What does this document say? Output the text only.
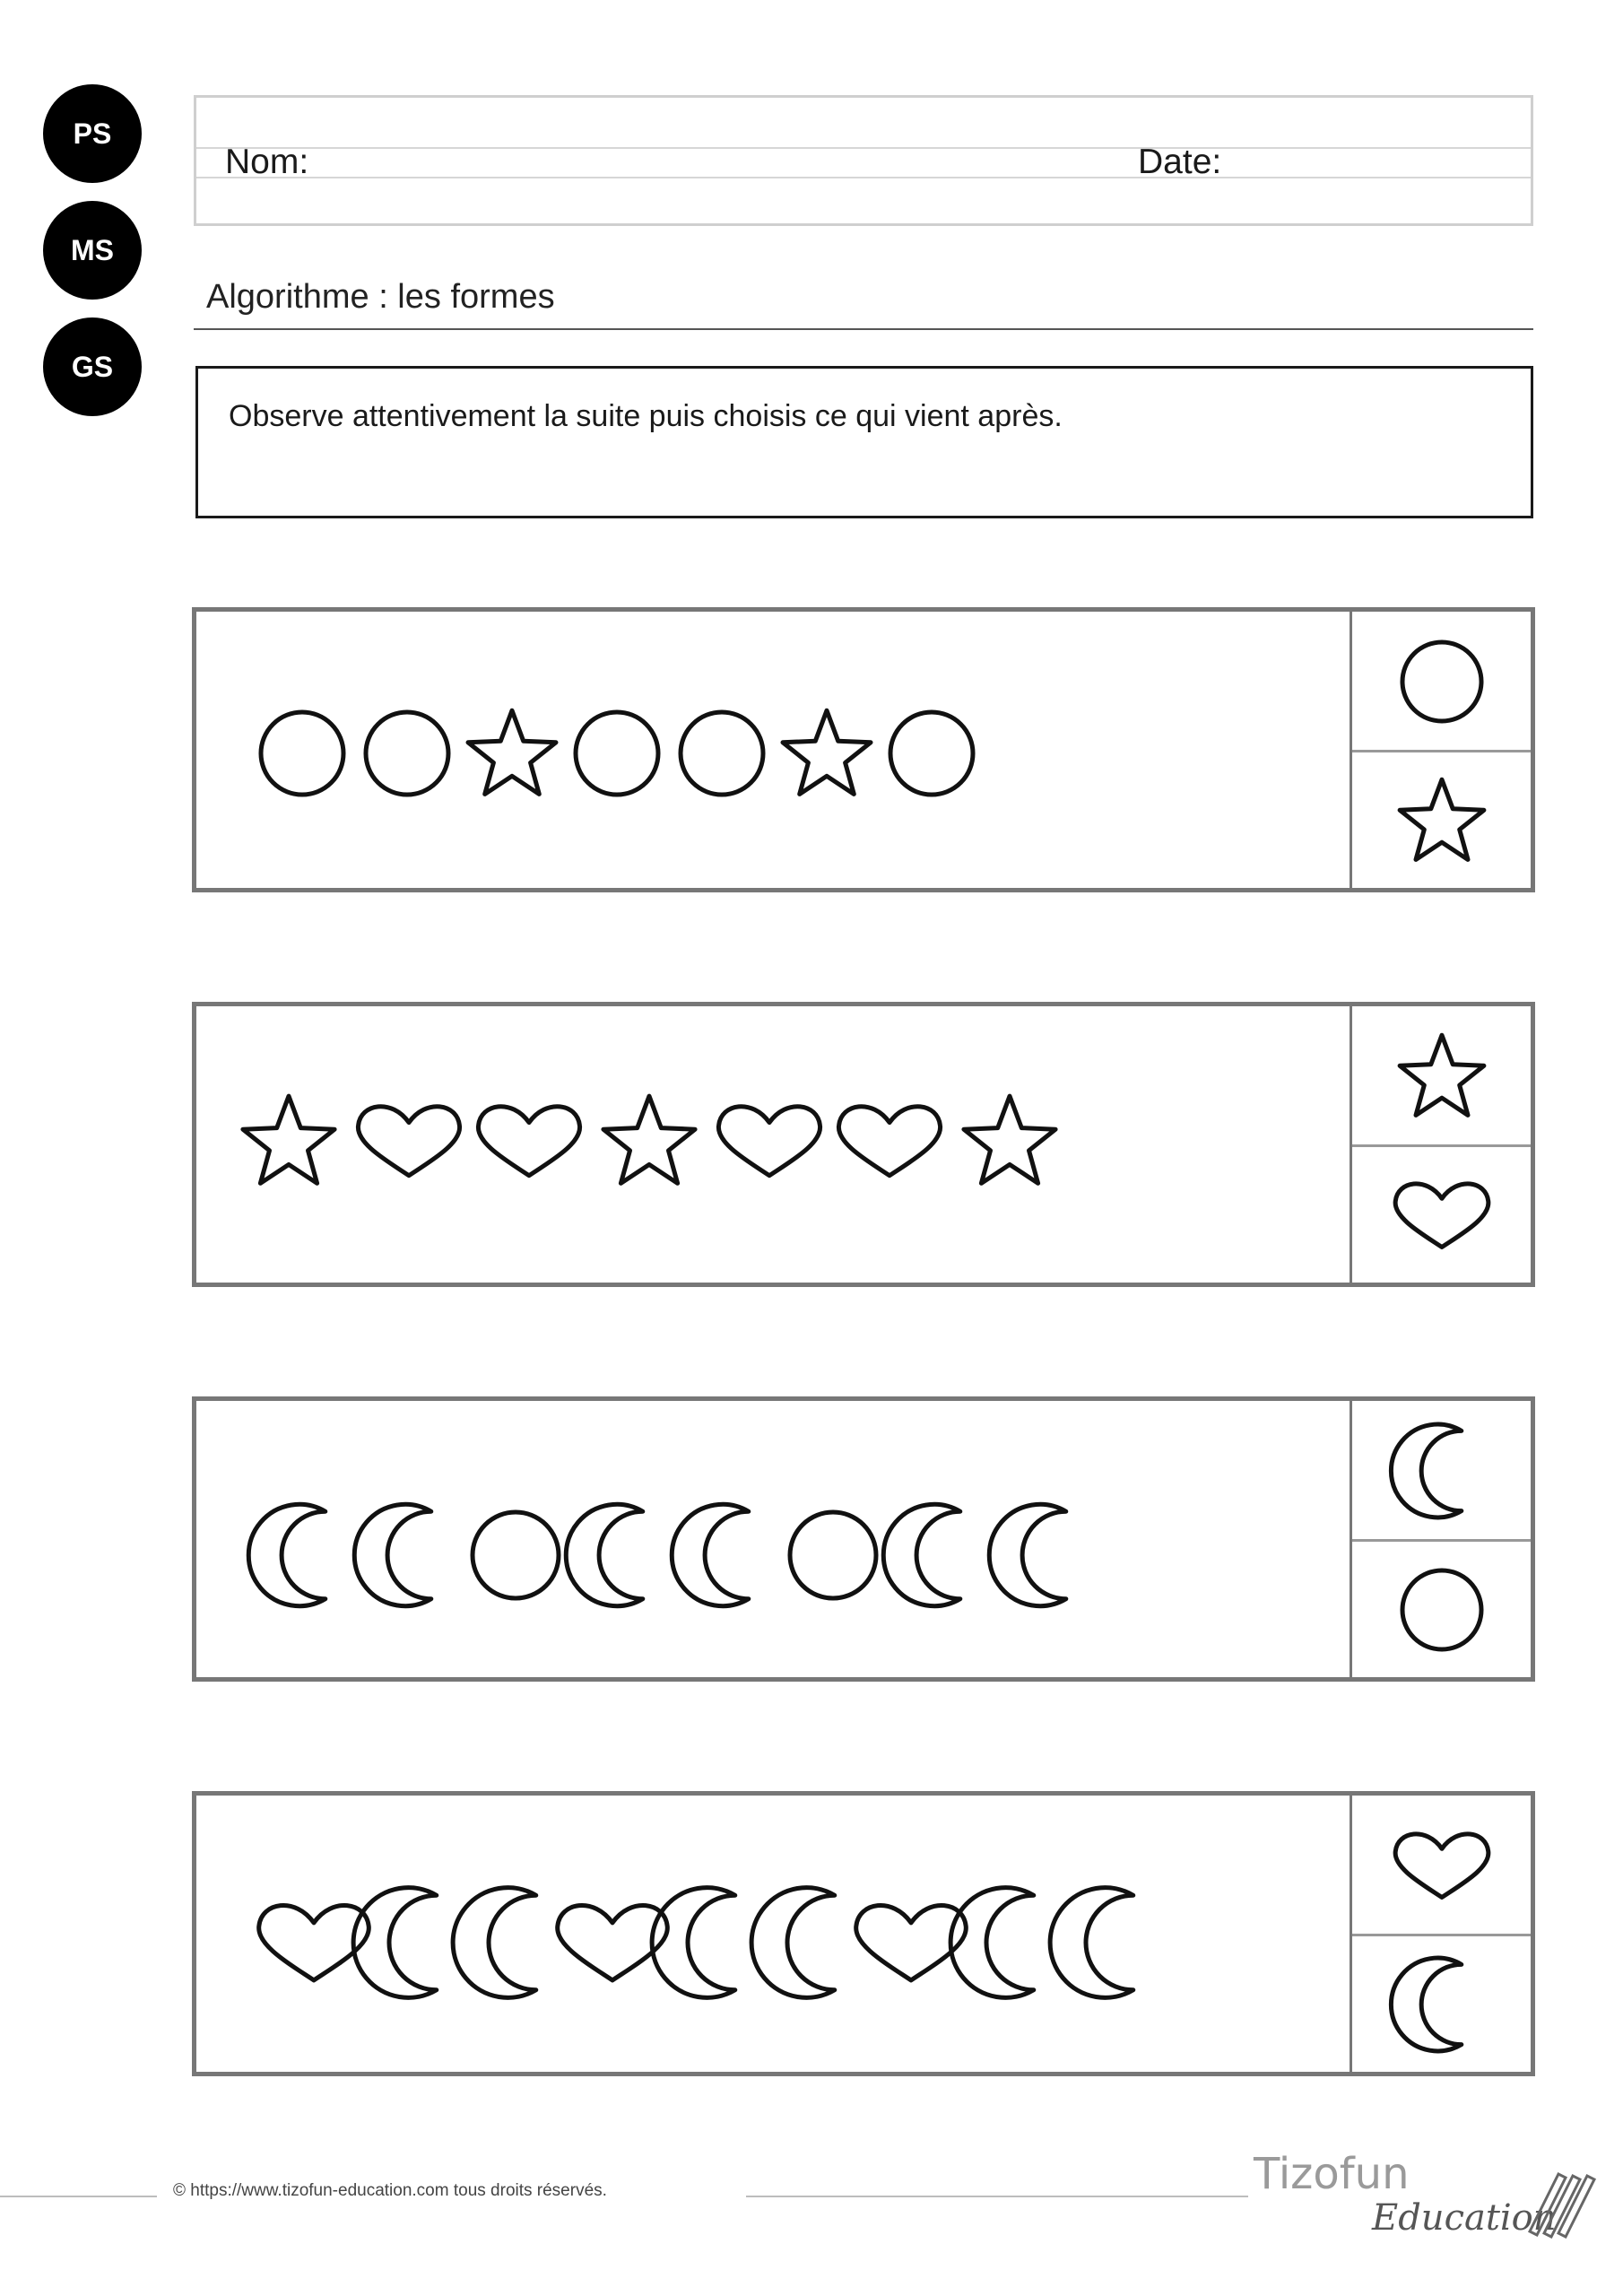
PS
MS
GS
Nom:	Date:
Algorithme : les formes
Observe attentivement la suite puis choisis ce qui vient après.
© https://www.tizofun-education.com tous droits réservés.	Tizofun
Education
